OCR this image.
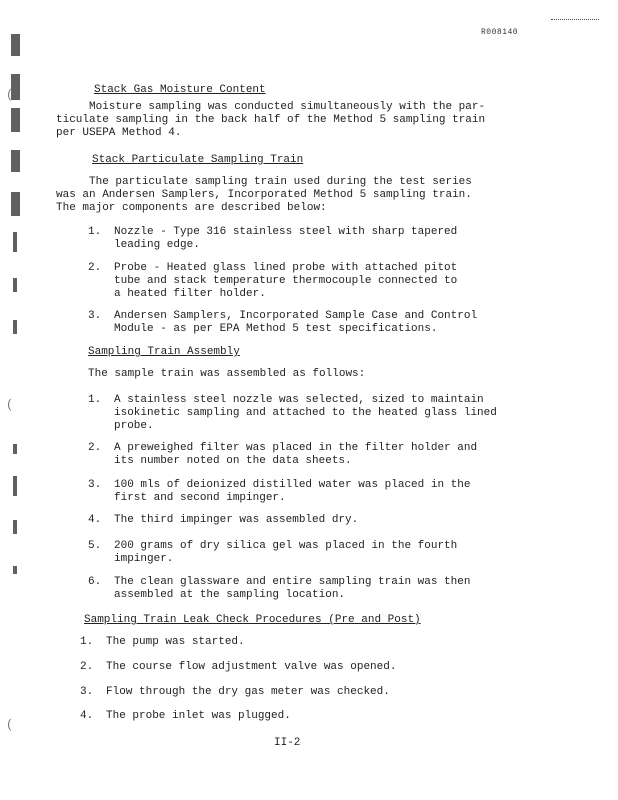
R008140
(
(
(
Stack Gas Moisture Content
Moisture sampling was conducted simultaneously with the par-
ticulate sampling in the back half of the Method 5 sampling train
per USEPA Method 4.
Stack Particulate Sampling Train
The particulate sampling train used during the test series
was an Andersen Samplers, Incorporated Method 5 sampling train.
The major components are described below:
1. Nozzle - Type 316 stainless steel with sharp tapered
leading edge.
2. Probe - Heated glass lined probe with attached pitot
tube and stack temperature thermocouple connected to
a heated filter holder.
3. Andersen Samplers, Incorporated Sample Case and Control
Module - as per EPA Method 5 test specifications.
Sampling Train Assembly
The sample train was assembled as follows:
1. A stainless steel nozzle was selected, sized to maintain
isokinetic sampling and attached to the heated glass lined
probe.
2. A preweighed filter was placed in the filter holder and
its number noted on the data sheets.
3. 100 mls of deionized distilled water was placed in the
first and second impinger.
4. The third impinger was assembled dry.
5. 200 grams of dry silica gel was placed in the fourth
impinger.
6. The clean glassware and entire sampling train was then
assembled at the sampling location.
Sampling Train Leak Check Procedures (Pre and Post)
1. The pump was started.
2. The course flow adjustment valve was opened.
3. Flow through the dry gas meter was checked.
4. The probe inlet was plugged.
II-2
